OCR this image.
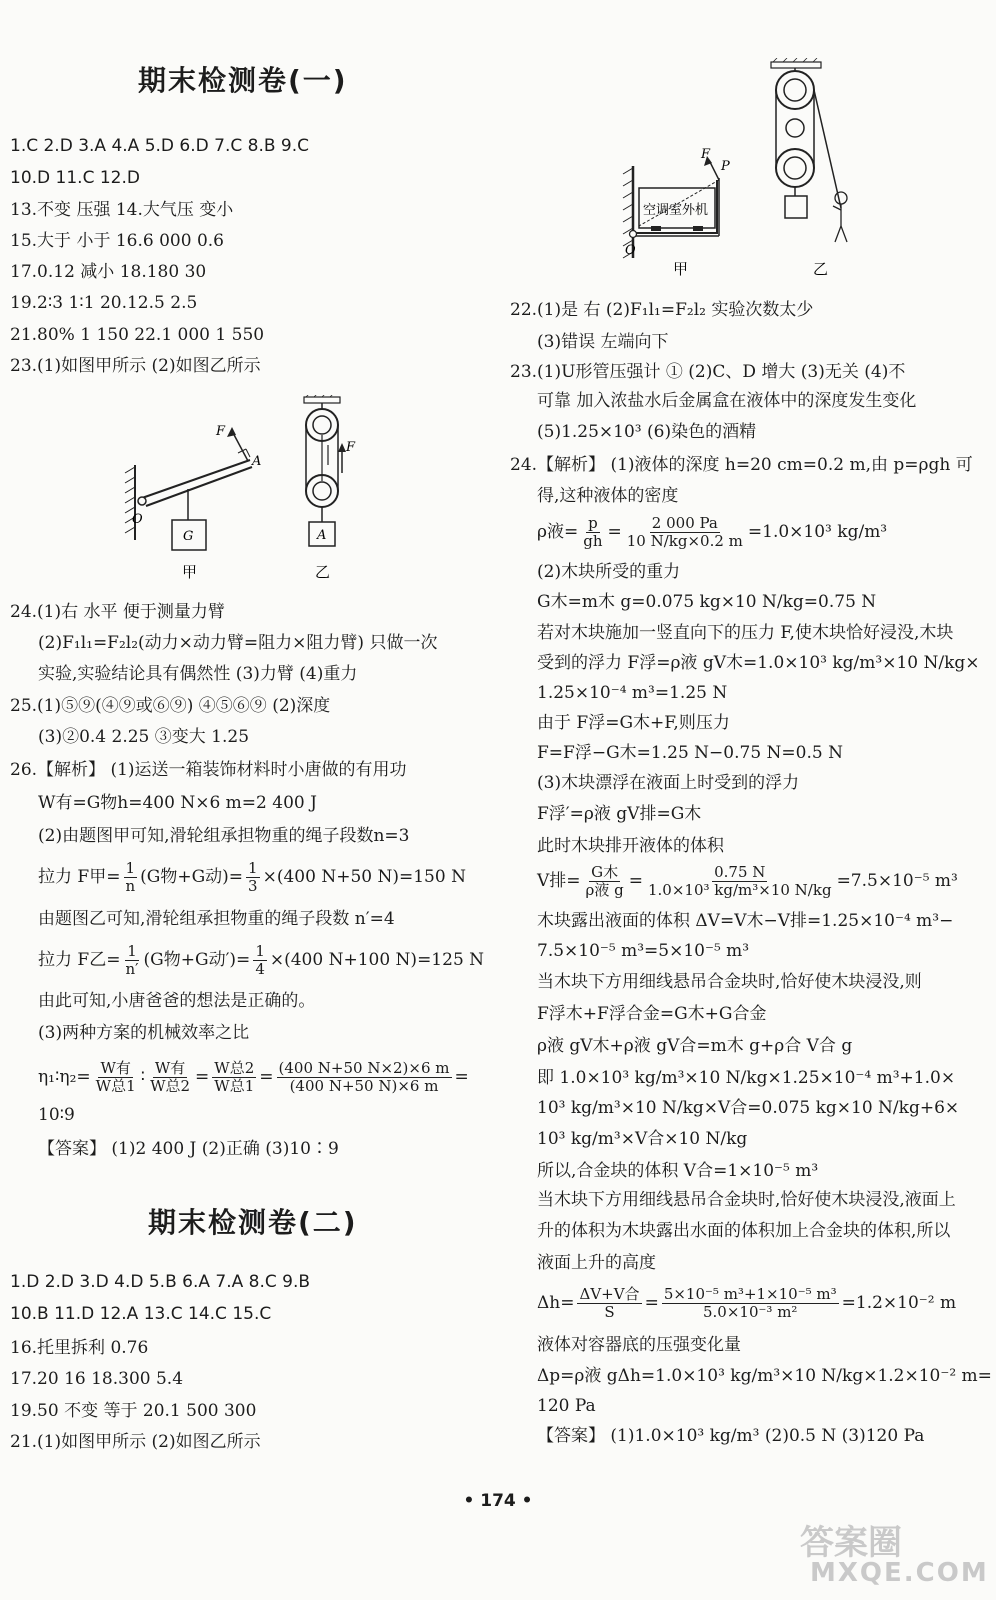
期末检测卷(一)
1.C 2.D 3.A 4.A 5.D 6.D 7.C 8.B 9.C
10.D 11.C 12.D
13.不变 压强 14.大气压 变小
15.大于 小于 16.6 000 0.6
17.0.12 减小 18.180 30
19.2∶3 1∶1 20.12.5 2.5
21.80% 1 150 22.1 000 1 550
23.(1)如图甲所示 (2)如图乙所示
O
F
A
G
甲
F
A
乙
24.(1)右 水平 便于测量力臂
(2)F₁l₁=F₂l₂(动力×动力臂=阻力×阻力臂) 只做一次
实验,实验结论具有偶然性 (3)力臂 (4)重力
25.(1)⑤⑨(④⑨或⑥⑨) ④⑤⑥⑨ (2)深度
(3)②0.4 2.25 ③变大 1.25
26.【解析】 (1)运送一箱装饰材料时小唐做的有用功
W有=G物h=400 N×6 m=2 400 J
(2)由题图甲可知,滑轮组承担物重的绳子段数n=3
拉力 F甲= $\frac{1}{n} (G$物+G动)= $\frac{1}{3} \times(400$ N+50 N)=150 N
由题图乙可知,滑轮组承担物重的绳子段数 n′=4
拉力 F乙= $\frac{1}{n'} (G$物+G动′)= $\frac{1}{4} \times(400$ N+100 N)=125 N
由此可知,小唐爸爸的想法是正确的。
(3)两种方案的机械效率之比
η₁∶η₂= $\frac{\text{W有}}{\text{W总1}}$ ∶ $\frac{\text{W有}}{\text{W总2}} = \frac{\text{W总2}}{\text{W总1}} = \frac{(400 N+50 N\times 2)\times 6 m}{(400 N+50 N)\times 6 m}$ =
10∶9
【答案】 (1)2 400 J (2)正确 (3)10∶9
期末检测卷(二)
1.D 2.D 3.D 4.D 5.B 6.A 7.A 8.C 9.B
10.B 11.D 12.A 13.C 14.C 15.C
16.托里拆利 0.76
17.20 16 18.300 5.4
19.50 不变 等于 20.1 500 300
21.(1)如图甲所示 (2)如图乙所示
空调室外机
O
F
P
甲	乙
22.(1)是 右 (2)F₁l₁=F₂l₂ 实验次数太少
(3)错误 左端向下
23.(1)U形管压强计 ① (2)C、D 增大 (3)无关 (4)不
可靠 加入浓盐水后金属盒在液体中的深度发生变化
(5)1.25×10³ (6)染色的酒精
24.【解析】 (1)液体的深度 h=20 cm=0.2 m,由 p=ρgh 可
得,这种液体的密度
ρ液= $\frac{p}{gh} = \frac{2 000 Pa}{10 N/kg\times 0.2 m} =1.0\times 10^3$ kg/m³
(2)木块所受的重力
G木=m木 g=0.075 kg×10 N/kg=0.75 N
若对木块施加一竖直向下的压力 F,使木块恰好浸没,木块
受到的浮力 F浮=ρ液 gV木=1.0×10³ kg/m³×10 N/kg×
1.25×10⁻⁴ m³=1.25 N
由于 F浮=G木+F,则压力
F=F浮−G木=1.25 N−0.75 N=0.5 N
(3)木块漂浮在液面上时受到的浮力
F浮′=ρ液 gV排=G木
此时木块排开液体的体积
V排= $\frac{\text{G木}}{\text{ρ液 g}} = \frac{0.75 N}{\text{1.0×10³ kg/m³×10 N/kg}} =7.5\times 10^{-5}$ m³
木块露出液面的体积 ΔV=V木−V排=1.25×10⁻⁴ m³−
7.5×10⁻⁵ m³=5×10⁻⁵ m³
当木块下方用细线悬吊合金块时,恰好使木块浸没,则
F浮木+F浮合金=G木+G合金
ρ液 gV木+ρ液 gV合=m木 g+ρ合 V合 g
即 1.0×10³ kg/m³×10 N/kg×1.25×10⁻⁴ m³+1.0×
10³ kg/m³×10 N/kg×V合=0.075 kg×10 N/kg+6×
10³ kg/m³×V合×10 N/kg
所以,合金块的体积 V合=1×10⁻⁵ m³
当木块下方用细线悬吊合金块时,恰好使木块浸没,液面上
升的体积为木块露出水面的体积加上合金块的体积,所以
液面上升的高度
$\Delta h= \frac{\text{ΔV+V合}}{S} = \frac{\text{5×10⁻⁵ m³+1×10⁻⁵ m³}}{\text{5.0×10⁻³ m²}} =1.2\times 10^{-2}$ m
液体对容器底的压强变化量
Δp=ρ液 gΔh=1.0×10³ kg/m³×10 N/kg×1.2×10⁻² m=
120 Pa
【答案】 (1)1.0×10³ kg/m³ (2)0.5 N (3)120 Pa
• 174 •
答案圈
MXQE.COM
